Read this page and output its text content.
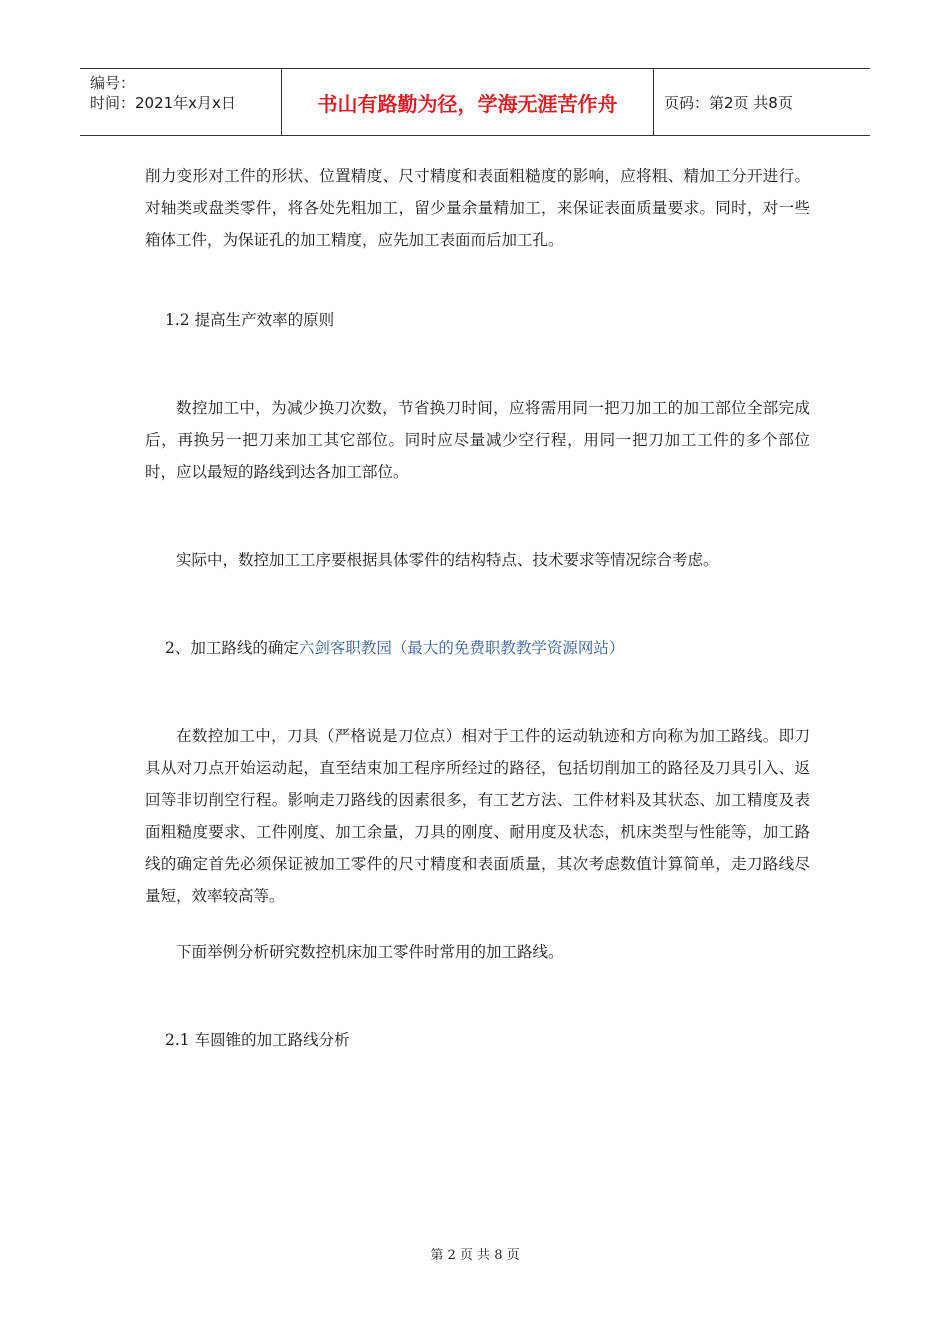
编号：
时间：2021年x月x日	书山有路勤为径，学海无涯苦作舟	页码：第2页 共8页

削力变形对工件的形状、位置精度、尺寸精度和表面粗糙度的影响，应将粗、精加工分开进行。对轴类或盘类零件，将各处先粗加工，留少量余量精加工，来保证表面质量要求。同时，对一些箱体工件，为保证孔的加工精度，应先加工表面而后加工孔。

1.2 提高生产效率的原则

数控加工中，为减少换刀次数，节省换刀时间，应将需用同一把刀加工的加工部位全部完成后，再换另一把刀来加工其它部位。同时应尽量减少空行程，用同一把刀加工工件的多个部位时，应以最短的路线到达各加工部位。

实际中，数控加工工序要根据具体零件的结构特点、技术要求等情况综合考虑。

2、加工路线的确定六剑客职教园（最大的免费职教教学资源网站）

在数控加工中，刀具（严格说是刀位点）相对于工件的运动轨迹和方向称为加工路线。即刀具从对刀点开始运动起，直至结束加工程序所经过的路径，包括切削加工的路径及刀具引入、返回等非切削空行程。影响走刀路线的因素很多，有工艺方法、工件材料及其状态、加工精度及表面粗糙度要求、工件刚度、加工余量，刀具的刚度、耐用度及状态，机床类型与性能等，加工路线的确定首先必须保证被加工零件的尺寸精度和表面质量，其次考虑数值计算简单，走刀路线尽量短，效率较高等。

下面举例分析研究数控机床加工零件时常用的加工路线。

2.1 车圆锥的加工路线分析

第 2 页 共 8 页
